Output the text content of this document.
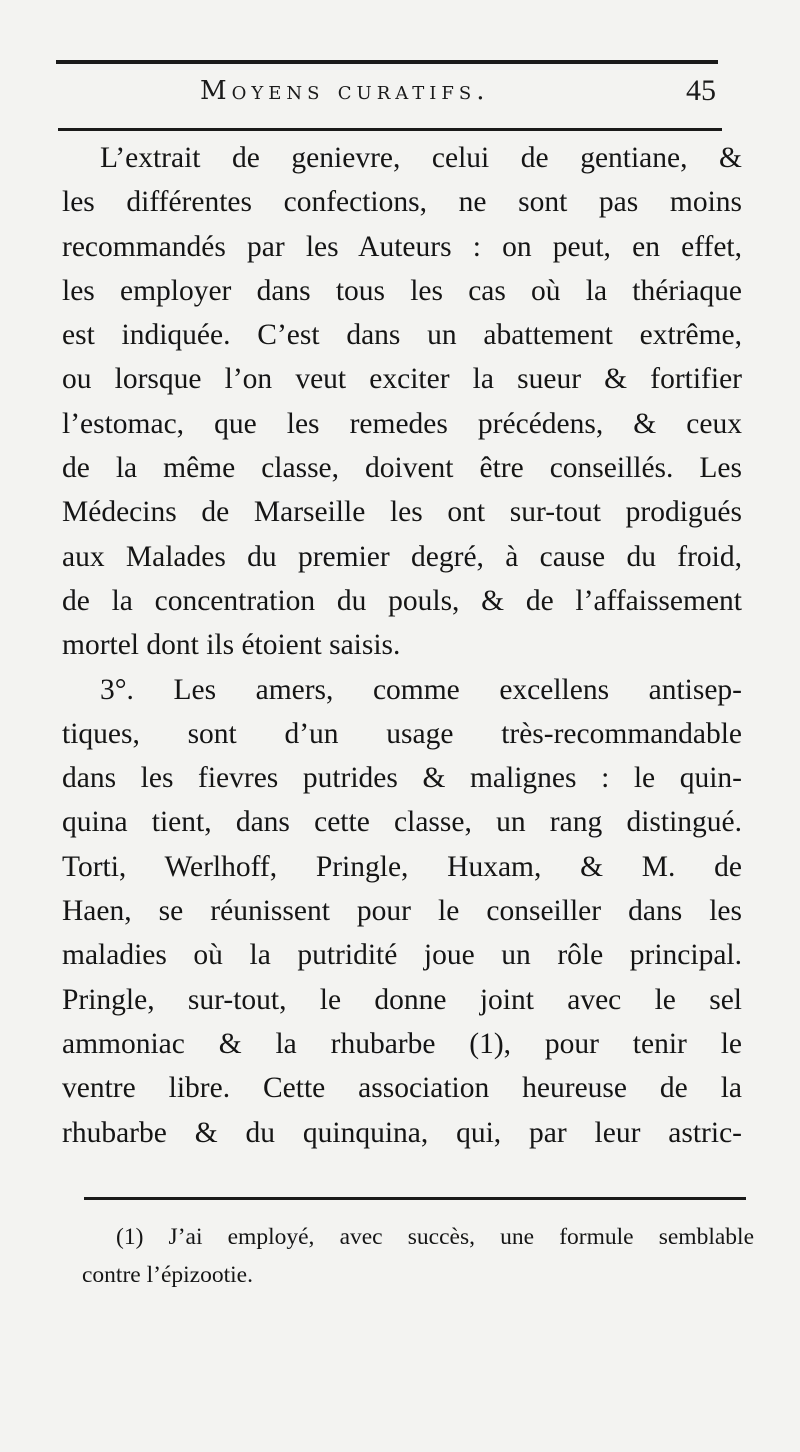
Moyens curatifs.	45
L’extrait de genievre, celui de gentiane, &
les différentes confections, ne sont pas moins
recommandés par les Auteurs : on peut, en effet,
les employer dans tous les cas où la thériaque
est indiquée. C’est dans un abattement extrême,
ou lorsque l’on veut exciter la sueur & fortifier
l’estomac, que les remedes précédens, & ceux
de la même classe, doivent être conseillés. Les
Médecins de Marseille les ont sur-tout prodigués
aux Malades du premier degré, à cause du froid,
de la concentration du pouls, & de l’affaissement
mortel dont ils étoient saisis.
3°. Les amers, comme excellens antisep-
tiques, sont d’un usage très-recommandable
dans les fievres putrides & malignes : le quin-
quina tient, dans cette classe, un rang distingué.
Torti, Werlhoff, Pringle, Huxam, & M. de
Haen, se réunissent pour le conseiller dans les
maladies où la putridité joue un rôle principal.
Pringle, sur-tout, le donne joint avec le sel
ammoniac & la rhubarbe (1), pour tenir le
ventre libre. Cette association heureuse de la
rhubarbe & du quinquina, qui, par leur astric-
(1) J’ai employé, avec succès, une formule semblable
contre l’épizootie.
